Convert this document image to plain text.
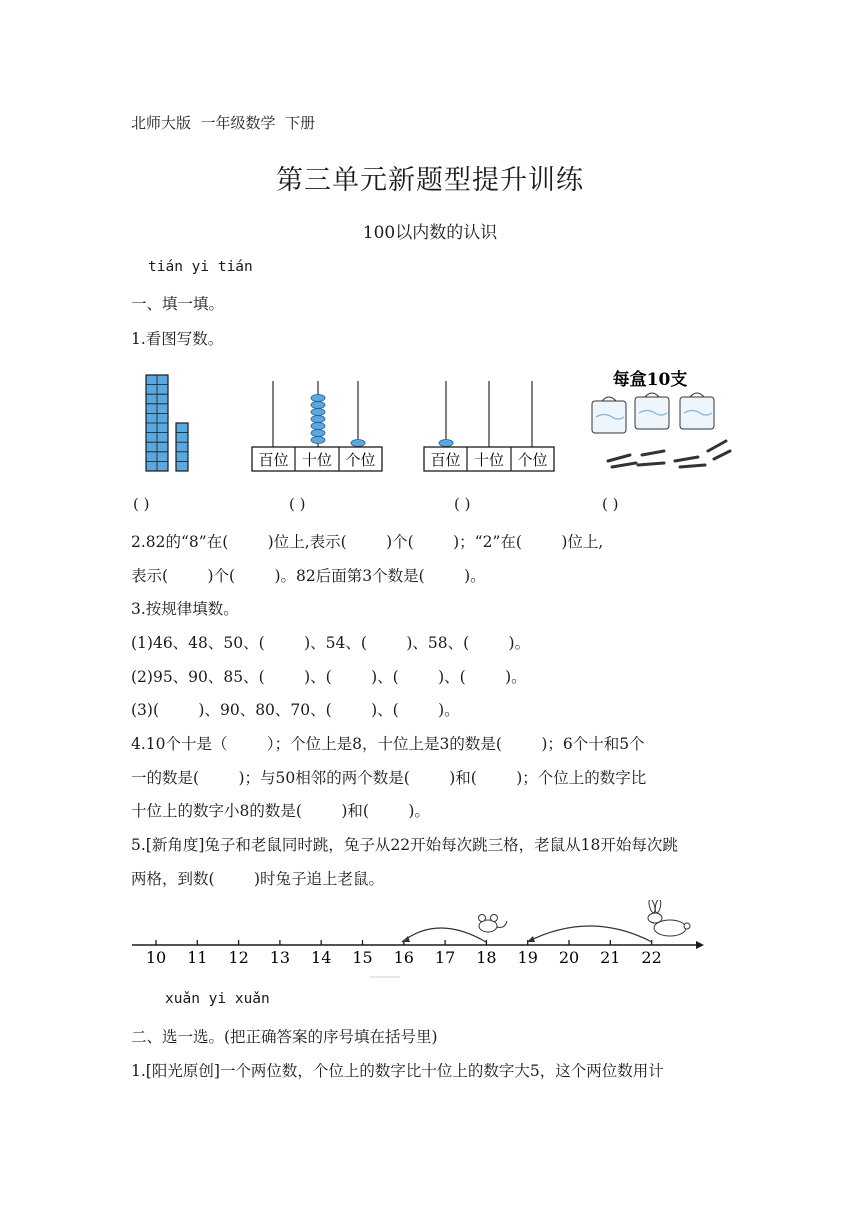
北师大版  一年级数学  下册
第三单元新题型提升训练
100以内数的认识
tián yi tián
一、填一填。
1.看图写数。
百位 十位 个位	百位 十位 个位
每盒10支
( )	( )	( )	( )
2.82的“8”在(        )位上,表示(        )个(        )；“2”在(        )位上,
表示(        )个(        )。82后面第3个数是(        )。
3.按规律填数。
(1)46、48、50、(        )、54、(        )、58、(        )。
(2)95、90、85、(        )、(        )、(        )、(        )。
(3)(        )、90、80、70、(        )、(        )。
4.10个十是（        ）；个位上是8，十位上是3的数是(        )；6个十和5个
一的数是(        )；与50相邻的两个数是(        )和(        )；个位上的数字比
十位上的数字小8的数是(        )和(        )。
5.[新角度]兔子和老鼠同时跳，兔子从22开始每次跳三格，老鼠从18开始每次跳
两格，到数(        )时兔子追上老鼠。
10 11 12 13 14 15 16 17 18 19 20 21 22
xuǎn yi xuǎn
二、选一选。(把正确答案的序号填在括号里)
1.[阳光原创]一个两位数，个位上的数字比十位上的数字大5，这个两位数用计
